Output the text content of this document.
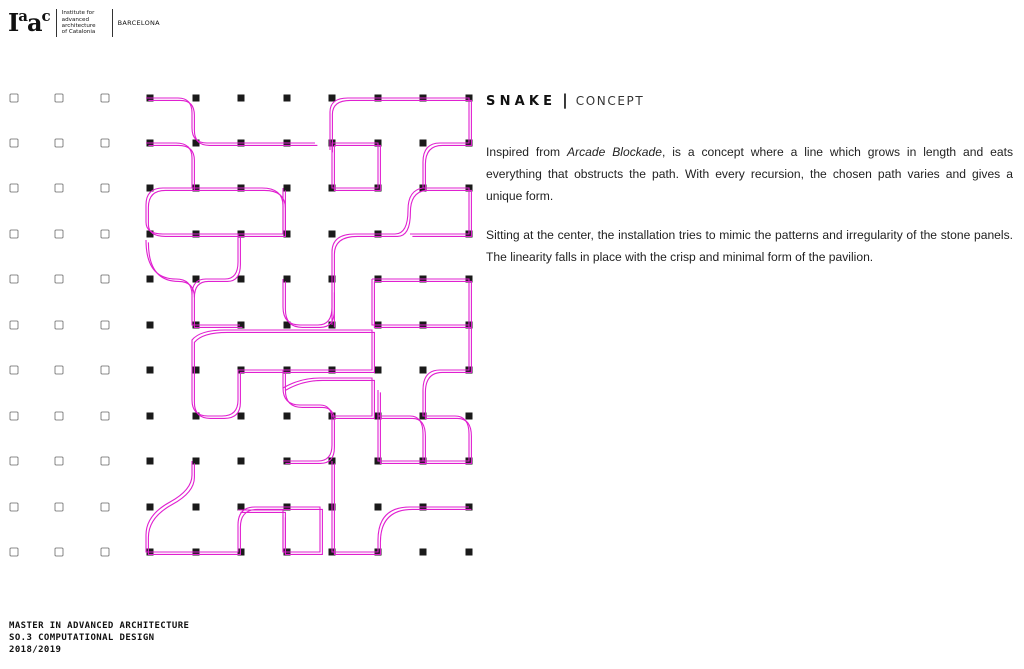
$I^aa^c$ Institute for
advanced
architecture
of Catalonia
BARCELONA
SNAKE | CONCEPT

Inspired from Arcade Blockade, is a concept where a line which grows in length and eats everything that obstructs the path. With every recursion, the chosen path varies and gives a unique form.

Sitting at the center, the installation tries to mimic the patterns and irregularity of the stone panels. The linearity falls in place with the crisp and minimal form of the pavilion.

MASTER IN ADVANCED ARCHITECTURE
SO.3 COMPUTATIONAL DESIGN
2018/2019
